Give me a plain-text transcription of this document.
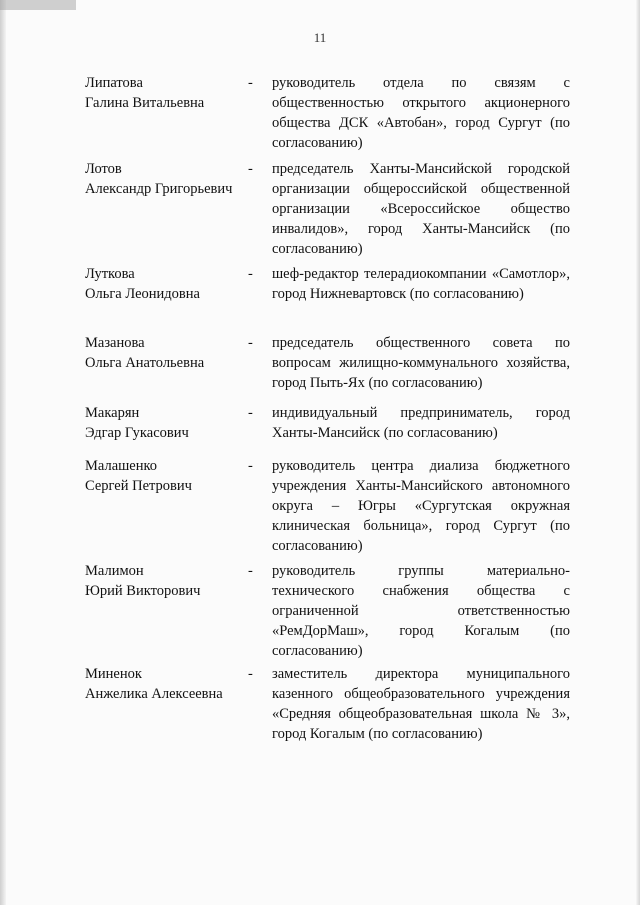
11
Липатова
Галина Витальевна
- руководитель отдела по связям с общественностью открытого акционерного общества ДСК «Автобан», город Сургут (по согласованию)
Лотов
Александр Григорьевич
- председатель Ханты-Мансийской городской организации общероссийской общественной организации «Всероссийское общество инвалидов», город Ханты-Мансийск (по согласованию)
Луткова
Ольга Леонидовна
- шеф-редактор телерадиокомпании «Самотлор», город Нижневартовск (по согласованию)
Мазанова
Ольга Анатольевна
- председатель общественного совета по вопросам жилищно-коммунального хозяйства, город Пыть-Ях (по согласованию)
Макарян
Эдгар Гукасович
- индивидуальный предприниматель, город Ханты-Мансийск (по согласованию)
Малашенко
Сергей Петрович
- руководитель центра диализа бюджетного учреждения Ханты-Мансийского автономного округа – Югры «Сургутская окружная клиническая больница», город Сургут (по согласованию)
Малимон
Юрий Викторович
- руководитель группы материально-технического снабжения общества с ограниченной ответственностью «РемДорМаш», город Когалым (по согласованию)
Миненок
Анжелика Алексеевна
- заместитель директора муниципального казенного общеобразовательного учреждения «Средняя общеобразовательная школа № 3», город Когалым (по согласованию)
